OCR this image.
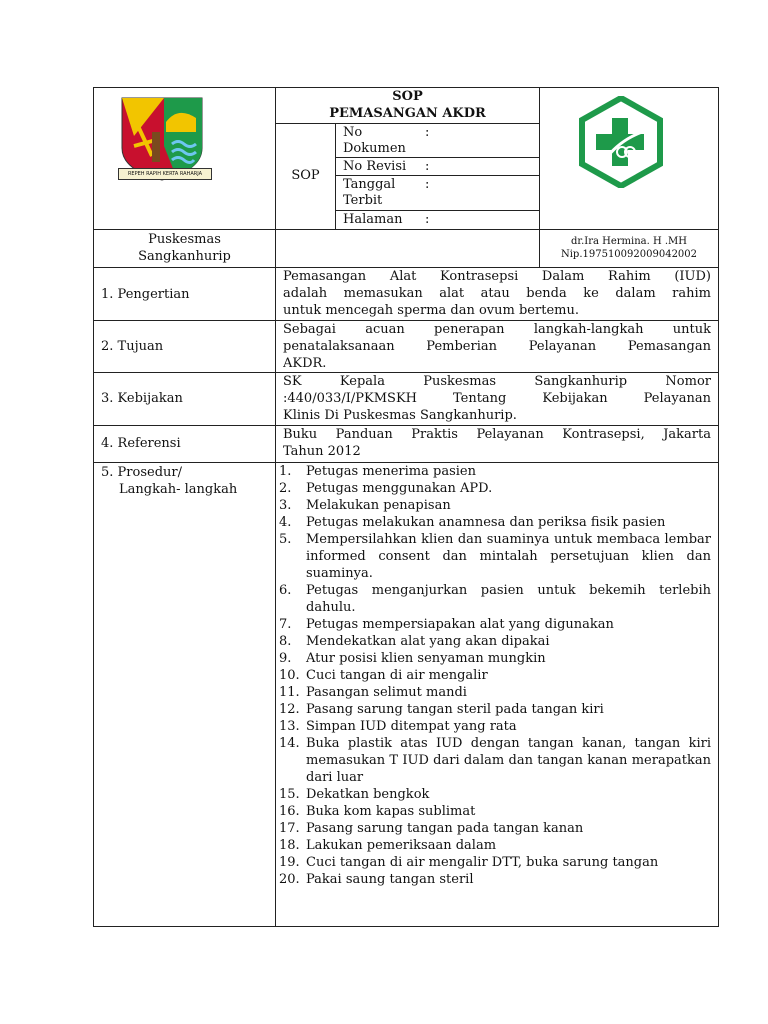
REPEH RAPIH KERTA RAHARJA
SOP
PEMASANGAN AKDR
SOP
No
Dokumen
:
No Revisi :
Tanggal
Terbit
:
Halaman :
Puskesmas
Sangkanhurip
dr.Ira Hermina. H .MH
Nip.197510092009042002
1. Pengertian
Pemasangan Alat Kontrasepsi Dalam Rahim (IUD)
adalah memasukan alat atau benda ke dalam rahim
untuk mencegah sperma dan ovum bertemu.
2. Tujuan
Sebagai acuan penerapan langkah-langkah untuk
penatalaksanaan Pemberian Pelayanan Pemasangan
AKDR.
3. Kebijakan
SK Kepala Puskesmas Sangkanhurip Nomor
:440/033/I/PKMSKH Tentang Kebijakan Pelayanan
Klinis Di Puskesmas Sangkanhurip.
4. Referensi
Buku Panduan Praktis Pelayanan Kontrasepsi, Jakarta
Tahun 2012
5. Prosedur/
Langkah- langkah
1. Petugas menerima pasien
2. Petugas menggunakan APD.
3. Melakukan penapisan
4. Petugas melakukan anamnesa dan periksa fisik pasien
5. Mempersilahkan klien dan suaminya untuk membaca lembar informed consent dan mintalah persetujuan klien dan suaminya.
6. Petugas menganjurkan pasien untuk bekemih terlebih dahulu.
7. Petugas mempersiapakan alat yang digunakan
8. Mendekatkan alat yang akan dipakai
9. Atur posisi klien senyaman mungkin
10. Cuci tangan di air mengalir
11. Pasangan selimut mandi
12. Pasang sarung tangan steril pada tangan kiri
13. Simpan IUD ditempat yang rata
14. Buka plastik atas IUD dengan tangan kanan, tangan kiri memasukan T IUD dari dalam dan tangan kanan merapatkan dari luar
15. Dekatkan bengkok
16. Buka kom kapas sublimat
17. Pasang sarung tangan pada tangan kanan
18. Lakukan pemeriksaan dalam
19. Cuci tangan di air mengalir DTT, buka sarung tangan
20. Pakai saung tangan steril
